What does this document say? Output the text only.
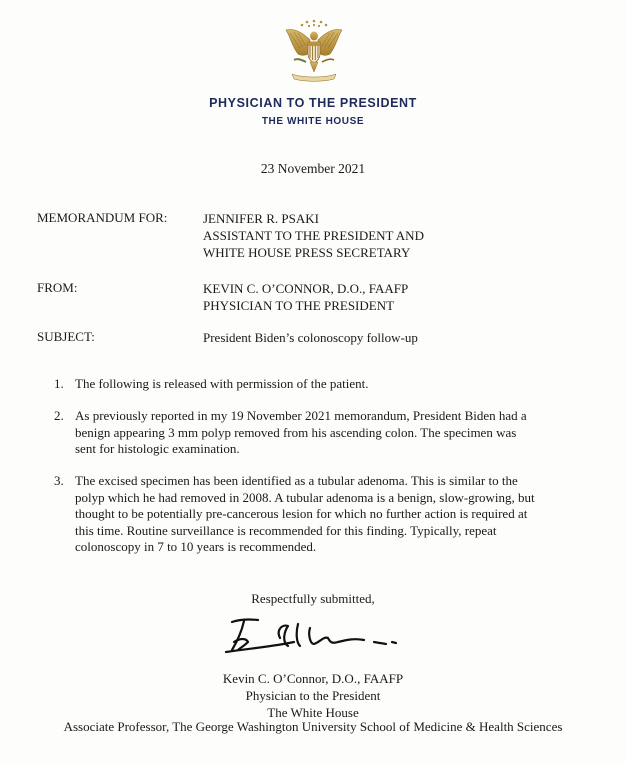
PHYSICIAN TO THE PRESIDENT
THE WHITE HOUSE
23 November 2021
MEMORANDUM FOR:	JENNIFER R. PSAKI
ASSISTANT TO THE PRESIDENT AND
WHITE HOUSE PRESS SECRETARY
FROM:	KEVIN C. O’CONNOR, D.O., FAAFP
PHYSICIAN TO THE PRESIDENT
SUBJECT:	President Biden’s colonoscopy follow-up
1. The following is released with permission of the patient.
2. As previously reported in my 19 November 2021 memorandum, President Biden had a
benign appearing 3 mm polyp removed from his ascending colon. The specimen was
sent for histologic examination.
3. The excised specimen has been identified as a tubular adenoma. This is similar to the
polyp which he had removed in 2008. A tubular adenoma is a benign, slow-growing, but
thought to be potentially pre-cancerous lesion for which no further action is required at
this time. Routine surveillance is recommended for this finding. Typically, repeat
colonoscopy in 7 to 10 years is recommended.
Respectfully submitted,
Kevin C. O’Connor, D.O., FAAFP
Physician to the President
The White House
Associate Professor, The George Washington University School of Medicine & Health Sciences
